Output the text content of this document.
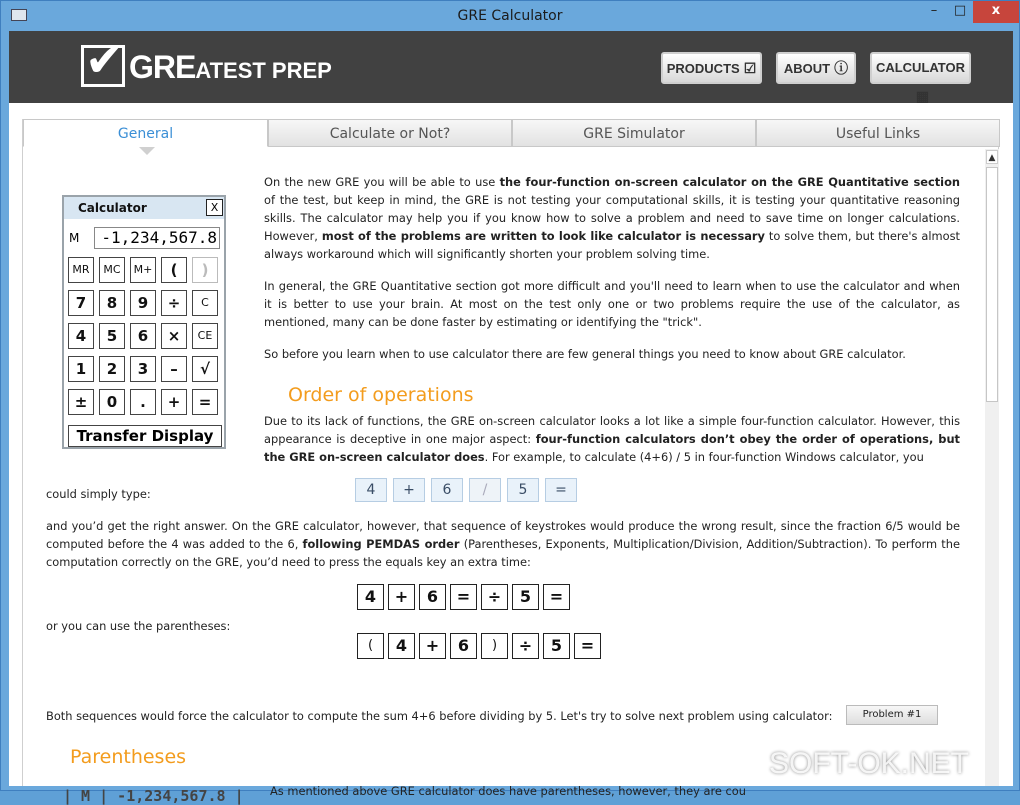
GRE Calculator	–	□	x
✔ GREATEST PREP	PRODUCTS ☑	ABOUT ⓘ	CALCULATOR▦
General	Calculate or Not?	GRE Simulator	Useful Links
▲
Calculator	X
M	-1,234,567.8
MR	MC	M+	(	)
7	8	9	÷	C
4	5	6	×	CE
1	2	3	–	√
±	0	.	+	=
Transfer Display
On the new GRE you will be able to use the four-function on-screen calculator on the GRE Quantitative section of the test, but keep in mind, the GRE is not testing your computational skills, it is testing your quantitative reasoning skills. The calculator may help you if you know how to solve a problem and need to save time on longer calculations. However, most of the problems are written to look like calculator is necessary to solve them, but there's almost always workaround which will significantly shorten your problem solving time.
In general, the GRE Quantitative section got more difficult and you'll need to learn when to use the calculator and when it is better to use your brain. At most on the test only one or two problems require the use of the calculator, as mentioned, many can be done faster by estimating or identifying the "trick".
So before you learn when to use calculator there are few general things you need to know about GRE calculator.
Order of operations
Due to its lack of functions, the GRE on-screen calculator looks a lot like a simple four-function calculator. However, this appearance is deceptive in one major aspect: four-function calculators don’t obey the order of operations, but the GRE on-screen calculator does. For example, to calculate (4+6) / 5 in four-function Windows calculator, you
could simply type:	4	+	6	/	5	=
and you’d get the right answer. On the GRE calculator, however, that sequence of keystrokes would produce the wrong result, since the fraction 6/5 would be computed before the 4 was added to the 6, following PEMDAS order (Parentheses, Exponents, Multiplication/Division, Addition/Subtraction). To perform the computation correctly on the GRE, you’d need to press the equals key an extra time:
4	+	6	=	÷	5	=
or you can use the parentheses:
(	4	+	6	)	÷	5	=
Both sequences would force the calculator to compute the sum 4+6 before dividing by 5. Let's try to solve next problem using calculator:	Problem #1
Parentheses
| M | -1,234,567.8 | As mentioned above GRE calculator does have parentheses, however, they are cou
SOFT-OK.NET
